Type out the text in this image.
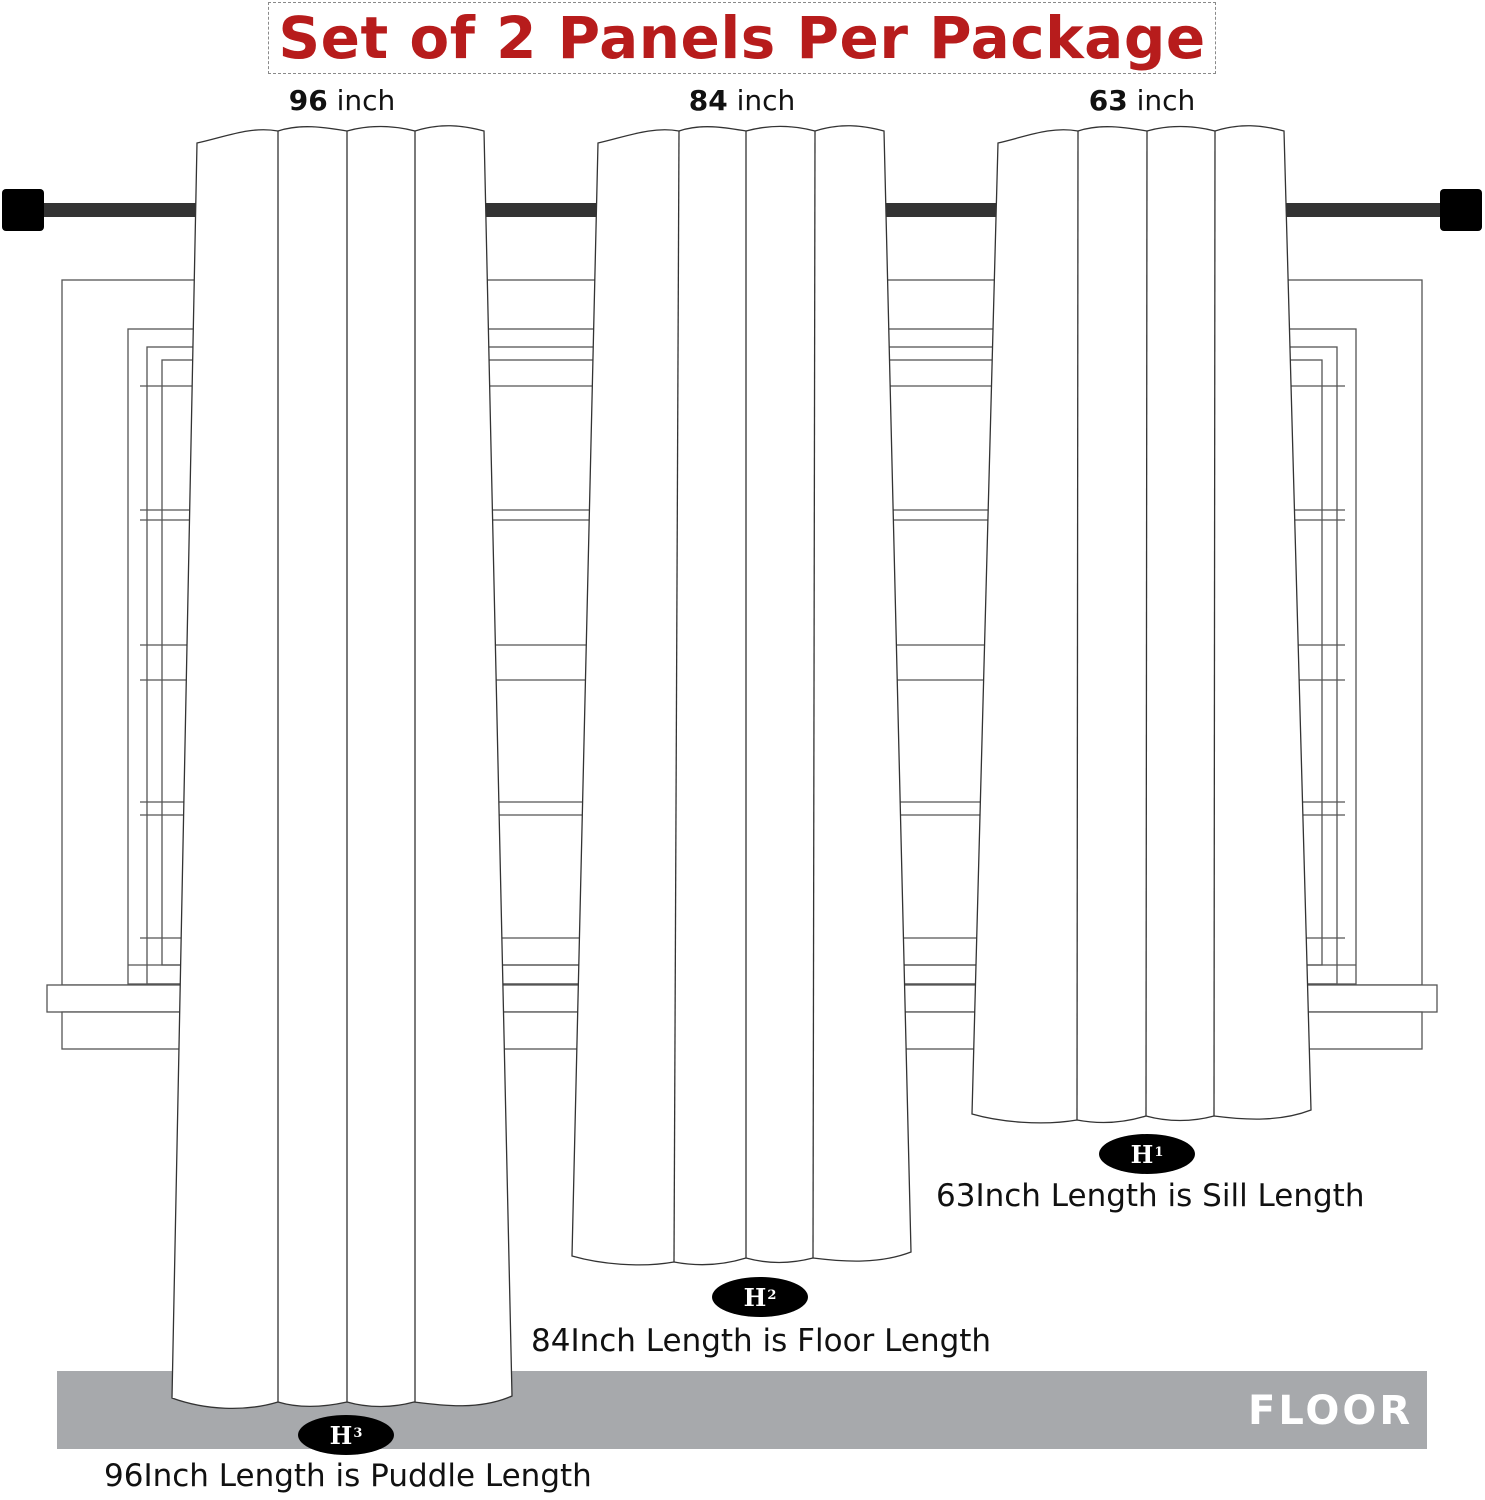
Set of 2 Panels Per Package
96 inch	84 inch	63 inch
$H^1$
$H^2$
$H^3$
63Inch Length is Sill Length
84Inch Length is Floor Length
96Inch Length is Puddle Length
FLOOR
